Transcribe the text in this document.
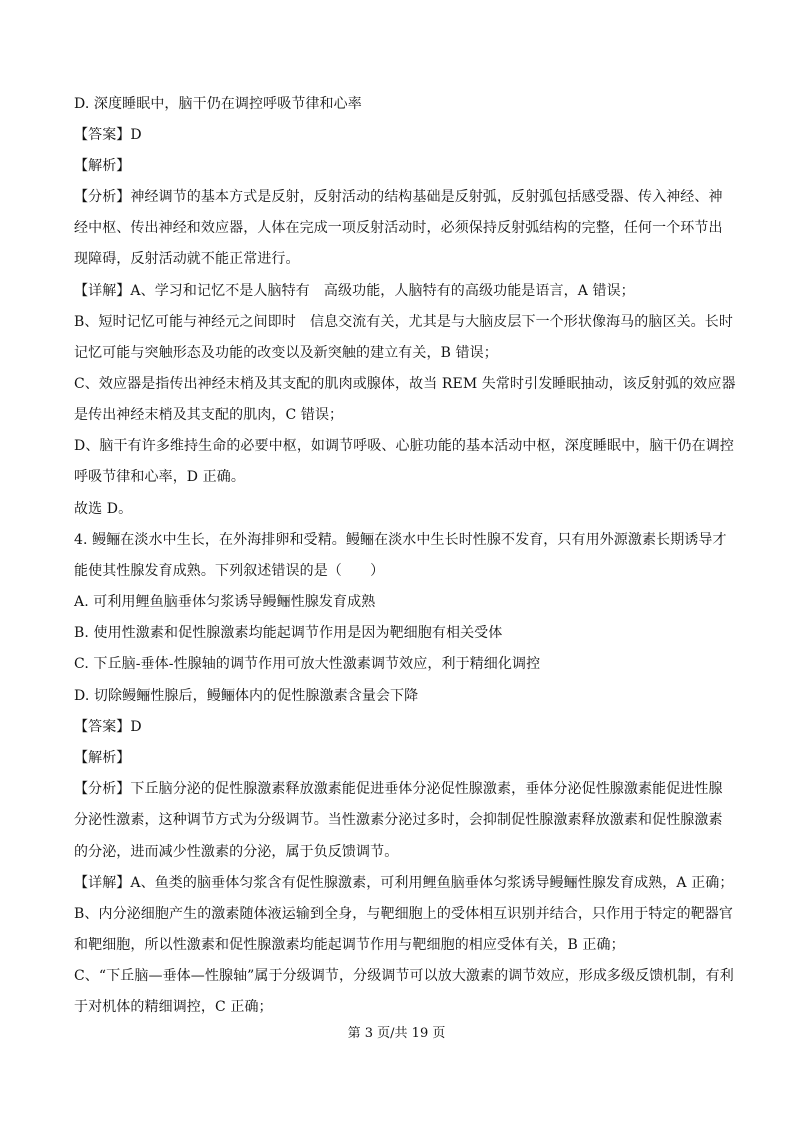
D. 深度睡眠中，脑干仍在调控呼吸节律和心率
【答案】D
【解析】
【分析】神经调节的基本方式是反射，反射活动的结构基础是反射弧，反射弧包括感受器、传入神经、神
经中枢、传出神经和效应器，人体在完成一项反射活动时，必须保持反射弧结构的完整，任何一个环节出
现障碍，反射活动就不能正常进行。
【详解】A、学习和记忆不是人脑特有　高级功能，人脑特有的高级功能是语言，A 错误；
B、短时记忆可能与神经元之间即时　信息交流有关，尤其是与大脑皮层下一个形状像海马的脑区关。长时
记忆可能与突触形态及功能的改变以及新突触的建立有关，B 错误；
C、效应器是指传出神经末梢及其支配的肌肉或腺体，故当 REM 失常时引发睡眠抽动，该反射弧的效应器
是传出神经末梢及其支配的肌肉，C 错误；
D、脑干有许多维持生命的必要中枢，如调节呼吸、心脏功能的基本活动中枢，深度睡眠中，脑干仍在调控
呼吸节律和心率，D 正确。
故选 D。
4. 鳗鲡在淡水中生长，在外海排卵和受精。鳗鲡在淡水中生长时性腺不发育，只有用外源激素长期诱导才
能使其性腺发育成熟。下列叙述错误的是（　　）
A. 可利用鲤鱼脑垂体匀浆诱导鳗鲡性腺发育成熟
B. 使用性激素和促性腺激素均能起调节作用是因为靶细胞有相关受体
C. 下丘脑-垂体-性腺轴的调节作用可放大性激素调节效应，利于精细化调控
D. 切除鳗鲡性腺后，鳗鲡体内的促性腺激素含量会下降
【答案】D
【解析】
【分析】下丘脑分泌的促性腺激素释放激素能促进垂体分泌促性腺激素，垂体分泌促性腺激素能促进性腺
分泌性激素，这种调节方式为分级调节。当性激素分泌过多时，会抑制促性腺激素释放激素和促性腺激素
的分泌，进而减少性激素的分泌，属于负反馈调节。
【详解】A、鱼类的脑垂体匀浆含有促性腺激素，可利用鲤鱼脑垂体匀浆诱导鳗鲡性腺发育成熟，A 正确；
B、内分泌细胞产生的激素随体液运输到全身，与靶细胞上的受体相互识别并结合，只作用于特定的靶器官
和靶细胞，所以性激素和促性腺激素均能起调节作用与靶细胞的相应受体有关，B 正确；
C、“下丘脑—垂体—性腺轴”属于分级调节，分级调节可以放大激素的调节效应，形成多级反馈机制，有利
于对机体的精细调控，C 正确；
第 3 页/共 19 页
